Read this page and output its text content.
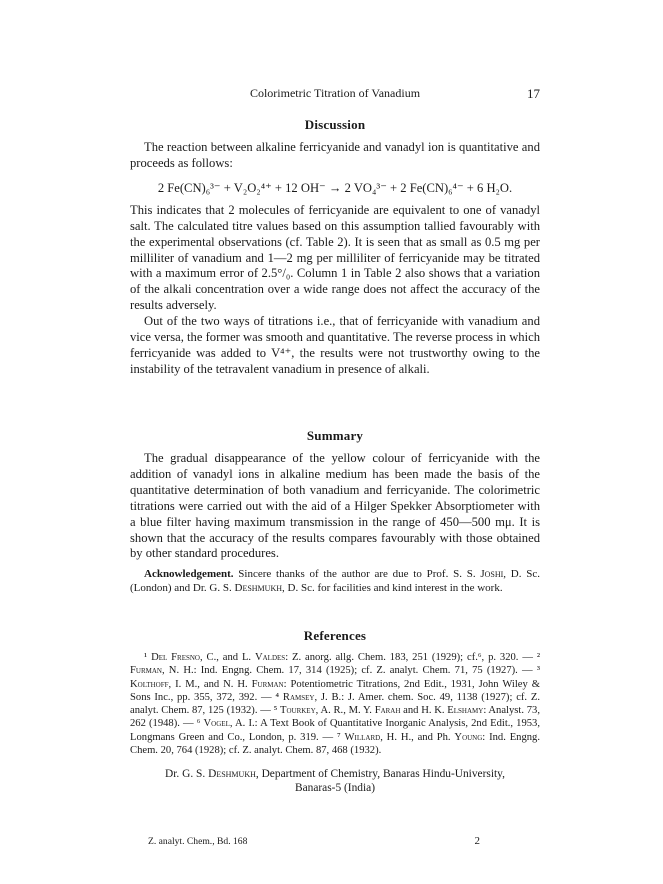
Colorimetric Titration of Vanadium	17
Discussion

The reaction between alkaline ferricyanide and vanadyl ion is quantitative and proceeds as follows:

2 Fe(CN)₆³⁻ + V₂O₂⁴⁺ + 12 OH⁻ → 2 VO₄³⁻ + 2 Fe(CN)₆⁴⁻ + 6 H₂O.

This indicates that 2 molecules of ferricyanide are equivalent to one of vanadyl salt. The calculated titre values based on this assumption tallied favourably with the experimental observations (cf. Table 2). It is seen that as small as 0.5 mg per milliliter of vanadium and 1—2 mg per milliliter of ferricyanide may be titrated with a maximum error of 2.5°/₀. Column 1 in Table 2 also shows that a variation of the alkali concentration over a wide range does not affect the accuracy of the results adversely.

Out of the two ways of titrations i.e., that of ferricyanide with vanadium and vice versa, the former was smooth and quantitative. The reverse process in which ferricyanide was added to V⁴⁺, the results were not trustworthy owing to the instability of the tetravalent vanadium in presence of alkali.

Summary

The gradual disappearance of the yellow colour of ferricyanide with the addition of vanadyl ions in alkaline medium has been made the basis of the quantitative determination of both vanadium and ferricyanide. The colorimetric titrations were carried out with the aid of a Hilger Spekker Absorptiometer with a blue filter having maximum transmission in the range of 450—500 mμ. It is shown that the accuracy of the results compares favourably with those obtained by other standard procedures.

Acknowledgement. Sincere thanks of the author are due to Prof. S. S. Joshi, D. Sc. (London) and Dr. G. S. Deshmukh, D. Sc. for facilities and kind interest in the work.
References
¹ Del Fresno, C., and L. Valdes: Z. anorg. allg. Chem. 183, 251 (1929); cf.⁶, p. 320. — ² Furman, N. H.: Ind. Engng. Chem. 17, 314 (1925); cf. Z. analyt. Chem. 71, 75 (1927). — ³ Kolthoff, I. M., and N. H. Furman: Potentiometric Titrations, 2nd Edit., 1931, John Wiley & Sons Inc., pp. 355, 372, 392. — ⁴ Ramsey, J. B.: J. Amer. chem. Soc. 49, 1138 (1927); cf. Z. analyt. Chem. 87, 125 (1932). — ⁵ Tourkey, A. R., M. Y. Farah and H. K. Elshamy: Analyst. 73, 262 (1948). — ⁶ Vogel, A. I.: A Text Book of Quantitative Inorganic Analysis, 2nd Edit., 1953, Longmans Green and Co., London, p. 319. — ⁷ Willard, H. H., and Ph. Young: Ind. Engng. Chem. 20, 764 (1928); cf. Z. analyt. Chem. 87, 468 (1932).
Dr. G. S. Deshmukh, Department of Chemistry, Banaras Hindu-University,
Banaras-5 (India)
Z. analyt. Chem., Bd. 168	2
